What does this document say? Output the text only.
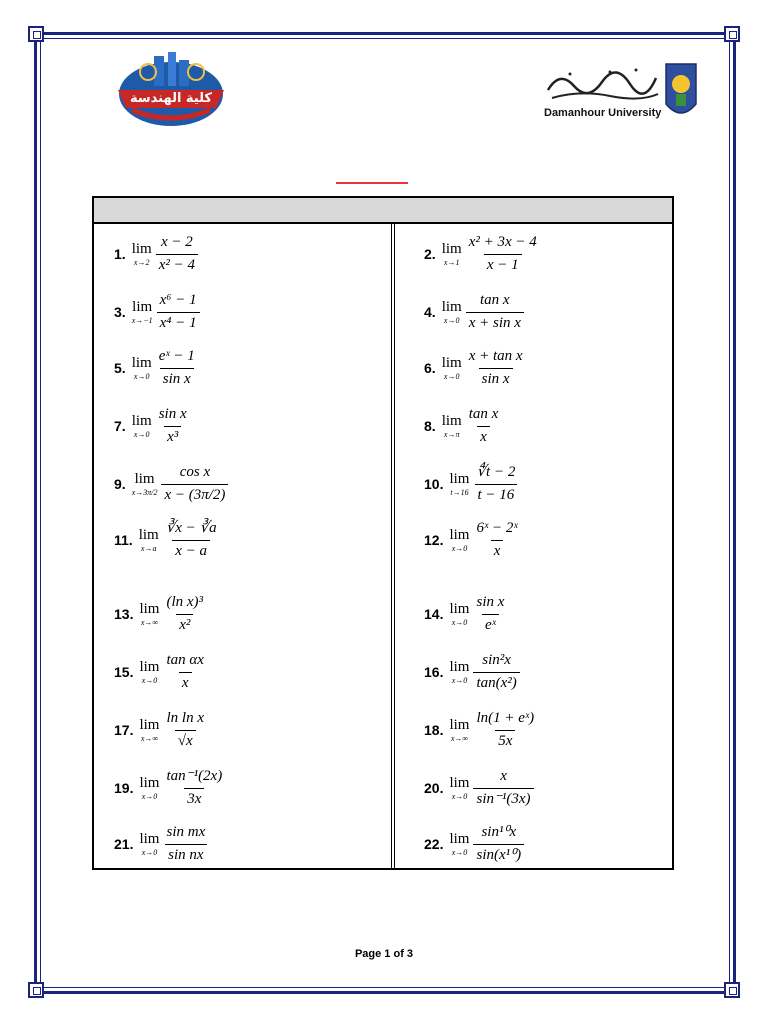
كلية الهندسة
Damanhour University
1. lim
$x\to 2 \frac{x - 2}{\text{x² − 4}}$
3. lim
$x\to-1 \frac{\text{x⁶ − 1}}{\text{x⁴ − 1}}$
5. lim
$x\to 0 \frac{\text{eˣ − 1}}{\text{sin x}}$
7. lim
$x\to 0 \frac{\text{sin x}}{\text{x³}}$
9. lim
$x\to 3\pi/2 \frac{\text{cos x}}{x - (3\pi/2)}$
11. lim
$x\to a \frac{∛x - ∛a}{x - a}$
13. lim
$x\to\infty \frac{\text{(ln x)³}}{\text{x²}}$
15. lim
$x\to 0 \frac{\text{tan αx}}{x}$
17. lim
$x\to\infty \frac{\text{ln ln x}}{√x}$
19. lim
$x\to 0 \frac{\text{tan⁻¹(2x)}}{3x}$
21. lim
$x\to 0 \frac{\text{sin mx}}{\text{sin nx}}$
2. lim
$x\to 1 \frac{\text{x² + 3x − 4}}{x - 1}$
4. lim
$x\to 0 \frac{\text{tan x}}{\text{x + sin x}}$
6. lim
$x\to 0 \frac{\text{x + tan x}}{\text{sin x}}$
8. lim
$x\to\pi \frac{\text{tan x}}{x}$
10. lim
$t\to 16 \frac{∜t - 2}{t - 16}$
12. lim
$x\to 0 \frac{\text{6ˣ − 2ˣ}}{x}$
14. lim
$x\to 0 \frac{\text{sin x}}{\text{eˣ}}$
16. lim
$x\to 0 \frac{\text{sin²x}}{\text{tan(x²)}}$
18. lim
$x\to\infty \frac{\text{ln(1 + eˣ)}}{5x}$
20. lim
$x\to 0 \frac{x}{\text{sin⁻¹(3x)}}$
22. lim
$x\to 0 \frac{\text{sin¹⁰x}}{\text{sin(x¹⁰)}}$
Page 1 of 3
